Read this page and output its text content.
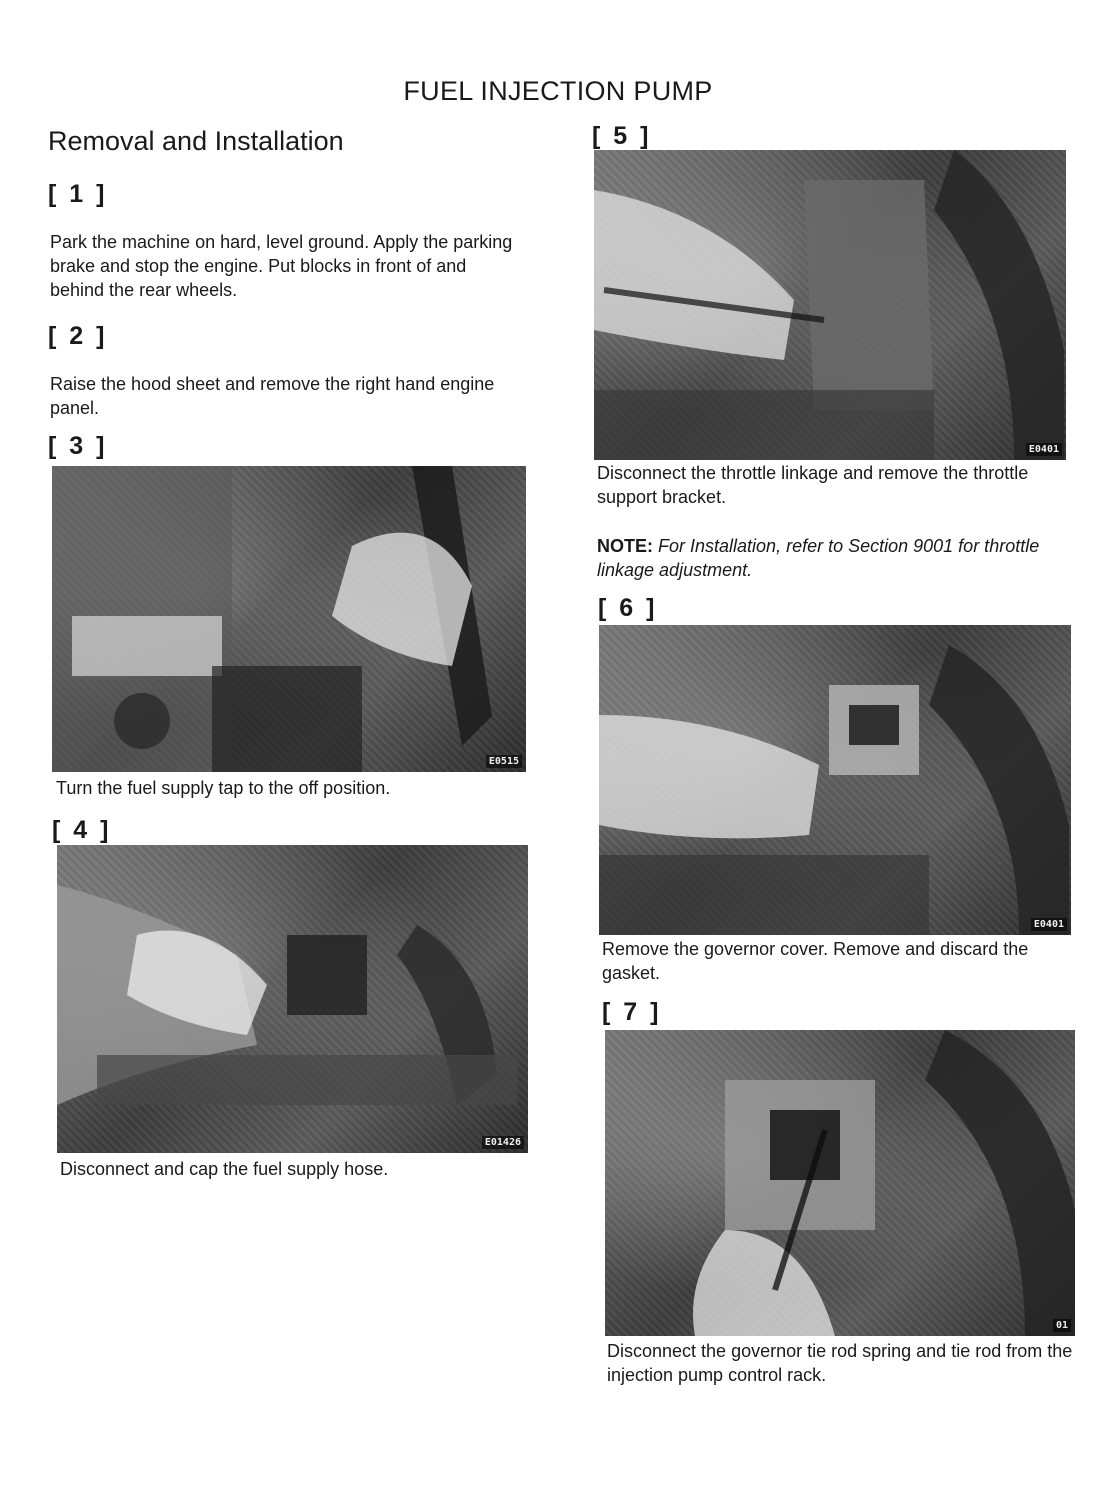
FUEL INJECTION PUMP
Removal and Installation
[ 1 ]
Park the machine on hard, level ground. Apply the parking brake and stop the engine. Put blocks in front of and behind the rear wheels.
[ 2 ]
Raise the hood sheet and remove the right hand engine panel.
[ 3 ]
E0515
Turn the fuel supply tap to the off position.
[ 4 ]
E01426
Disconnect and cap the fuel supply hose.
[ 5 ]
E0401
Disconnect the throttle linkage and remove the throttle support bracket.
NOTE: For Installation, refer to Section 9001 for throttle linkage adjustment.
[ 6 ]
E0401
Remove the governor cover. Remove and discard the gasket.
[ 7 ]
01
Disconnect the governor tie rod spring and tie rod from the injection pump control rack.
